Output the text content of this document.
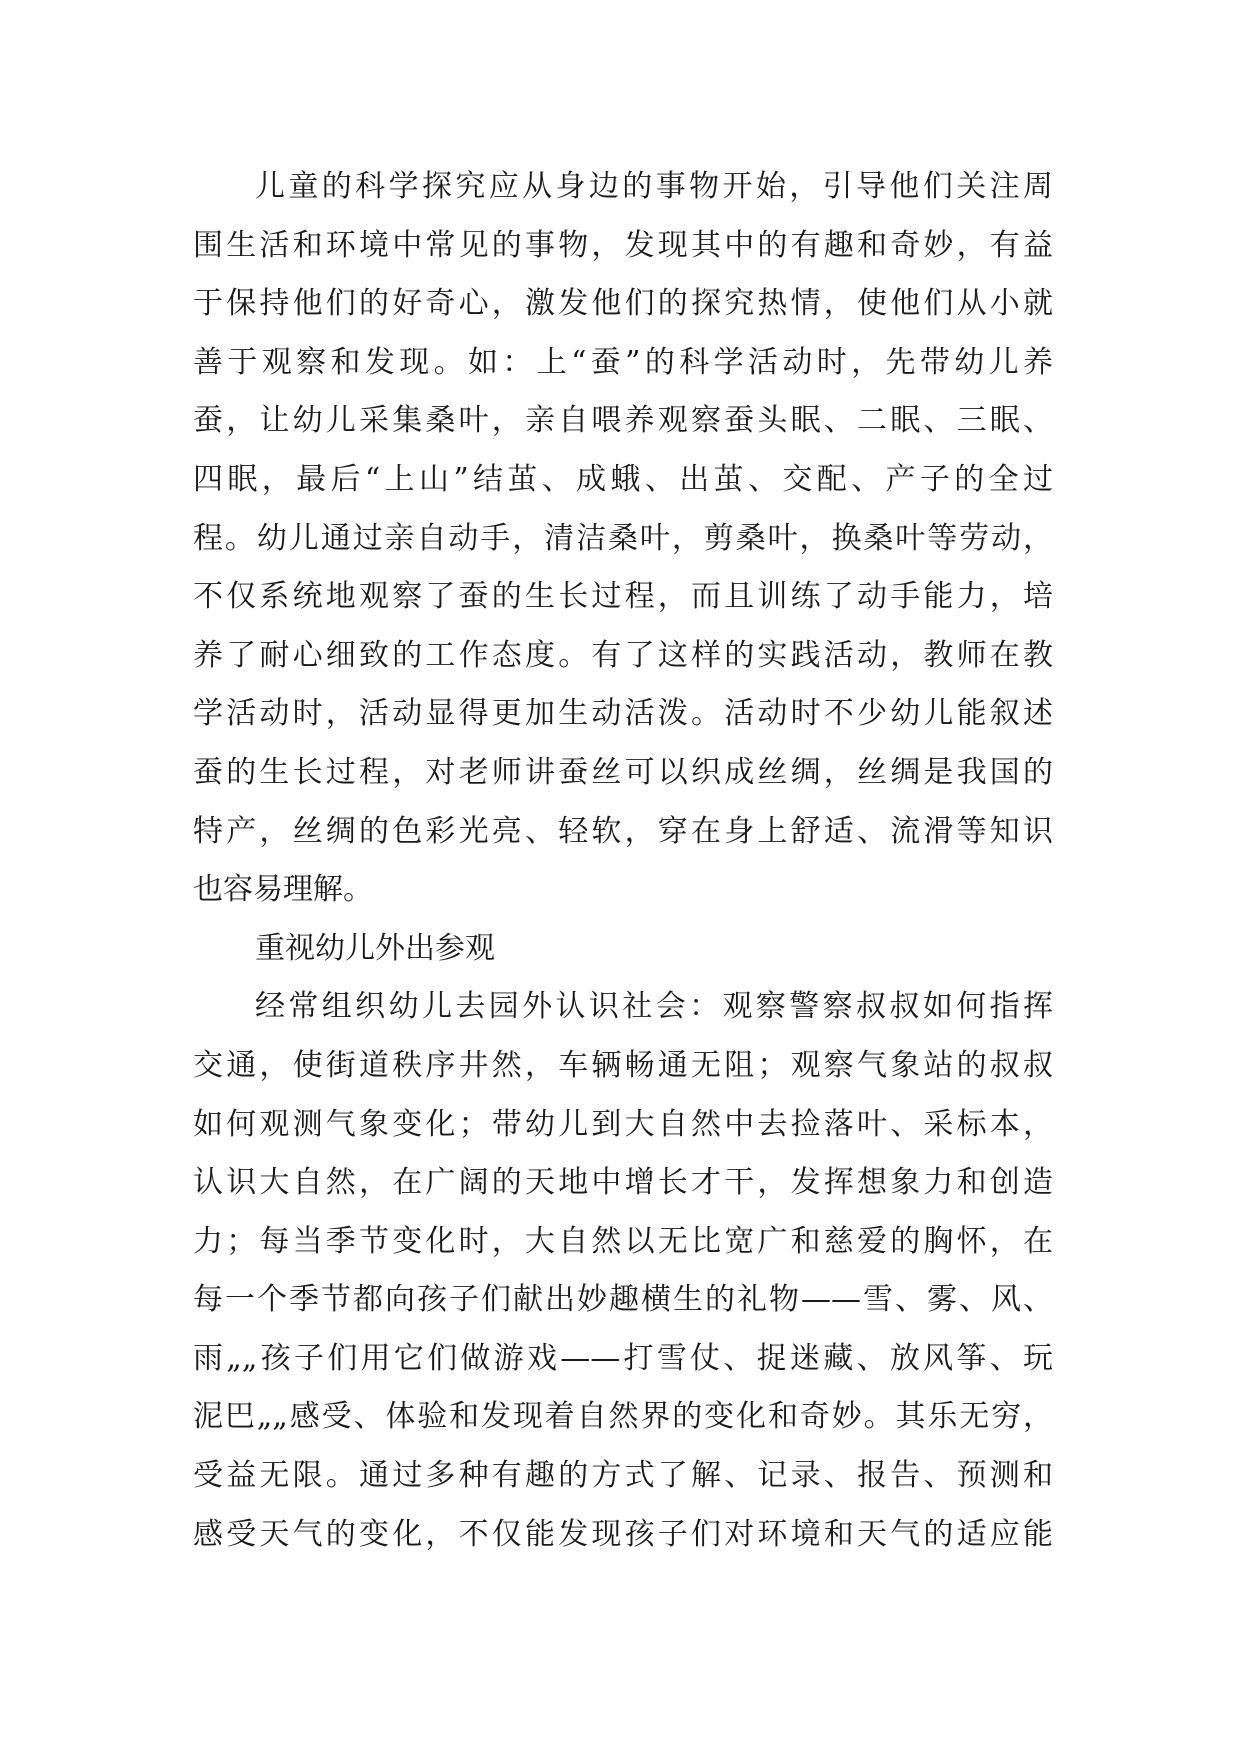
儿童的科学探究应从身边的事物开始，引导他们关注周
围生活和环境中常见的事物，发现其中的有趣和奇妙，有益
于保持他们的好奇心，激发他们的探究热情，使他们从小就
善于观察和发现。如：上“蚕”的科学活动时，先带幼儿养
蚕，让幼儿采集桑叶，亲自喂养观察蚕头眠、二眠、三眠、
四眠，最后“上山”结茧、成蛾、出茧、交配、产子的全过
程。幼儿通过亲自动手，清洁桑叶，剪桑叶，换桑叶等劳动，
不仅系统地观察了蚕的生长过程，而且训练了动手能力，培
养了耐心细致的工作态度。有了这样的实践活动，教师在教
学活动时，活动显得更加生动活泼。活动时不少幼儿能叙述
蚕的生长过程，对老师讲蚕丝可以织成丝绸，丝绸是我国的
特产，丝绸的色彩光亮、轻软，穿在身上舒适、流滑等知识
也容易理解。
重视幼儿外出参观
经常组织幼儿去园外认识社会：观察警察叔叔如何指挥
交通，使街道秩序井然，车辆畅通无阻；观察气象站的叔叔
如何观测气象变化；带幼儿到大自然中去捡落叶、采标本，
认识大自然，在广阔的天地中增长才干，发挥想象力和创造
力；每当季节变化时，大自然以无比宽广和慈爱的胸怀，在
每一个季节都向孩子们献出妙趣横生的礼物——雪、雾、风、
雨„„孩子们用它们做游戏——打雪仗、捉迷藏、放风筝、玩
泥巴„„感受、体验和发现着自然界的变化和奇妙。其乐无穷，
受益无限。通过多种有趣的方式了解、记录、报告、预测和
感受天气的变化，不仅能发现孩子们对环境和天气的适应能
